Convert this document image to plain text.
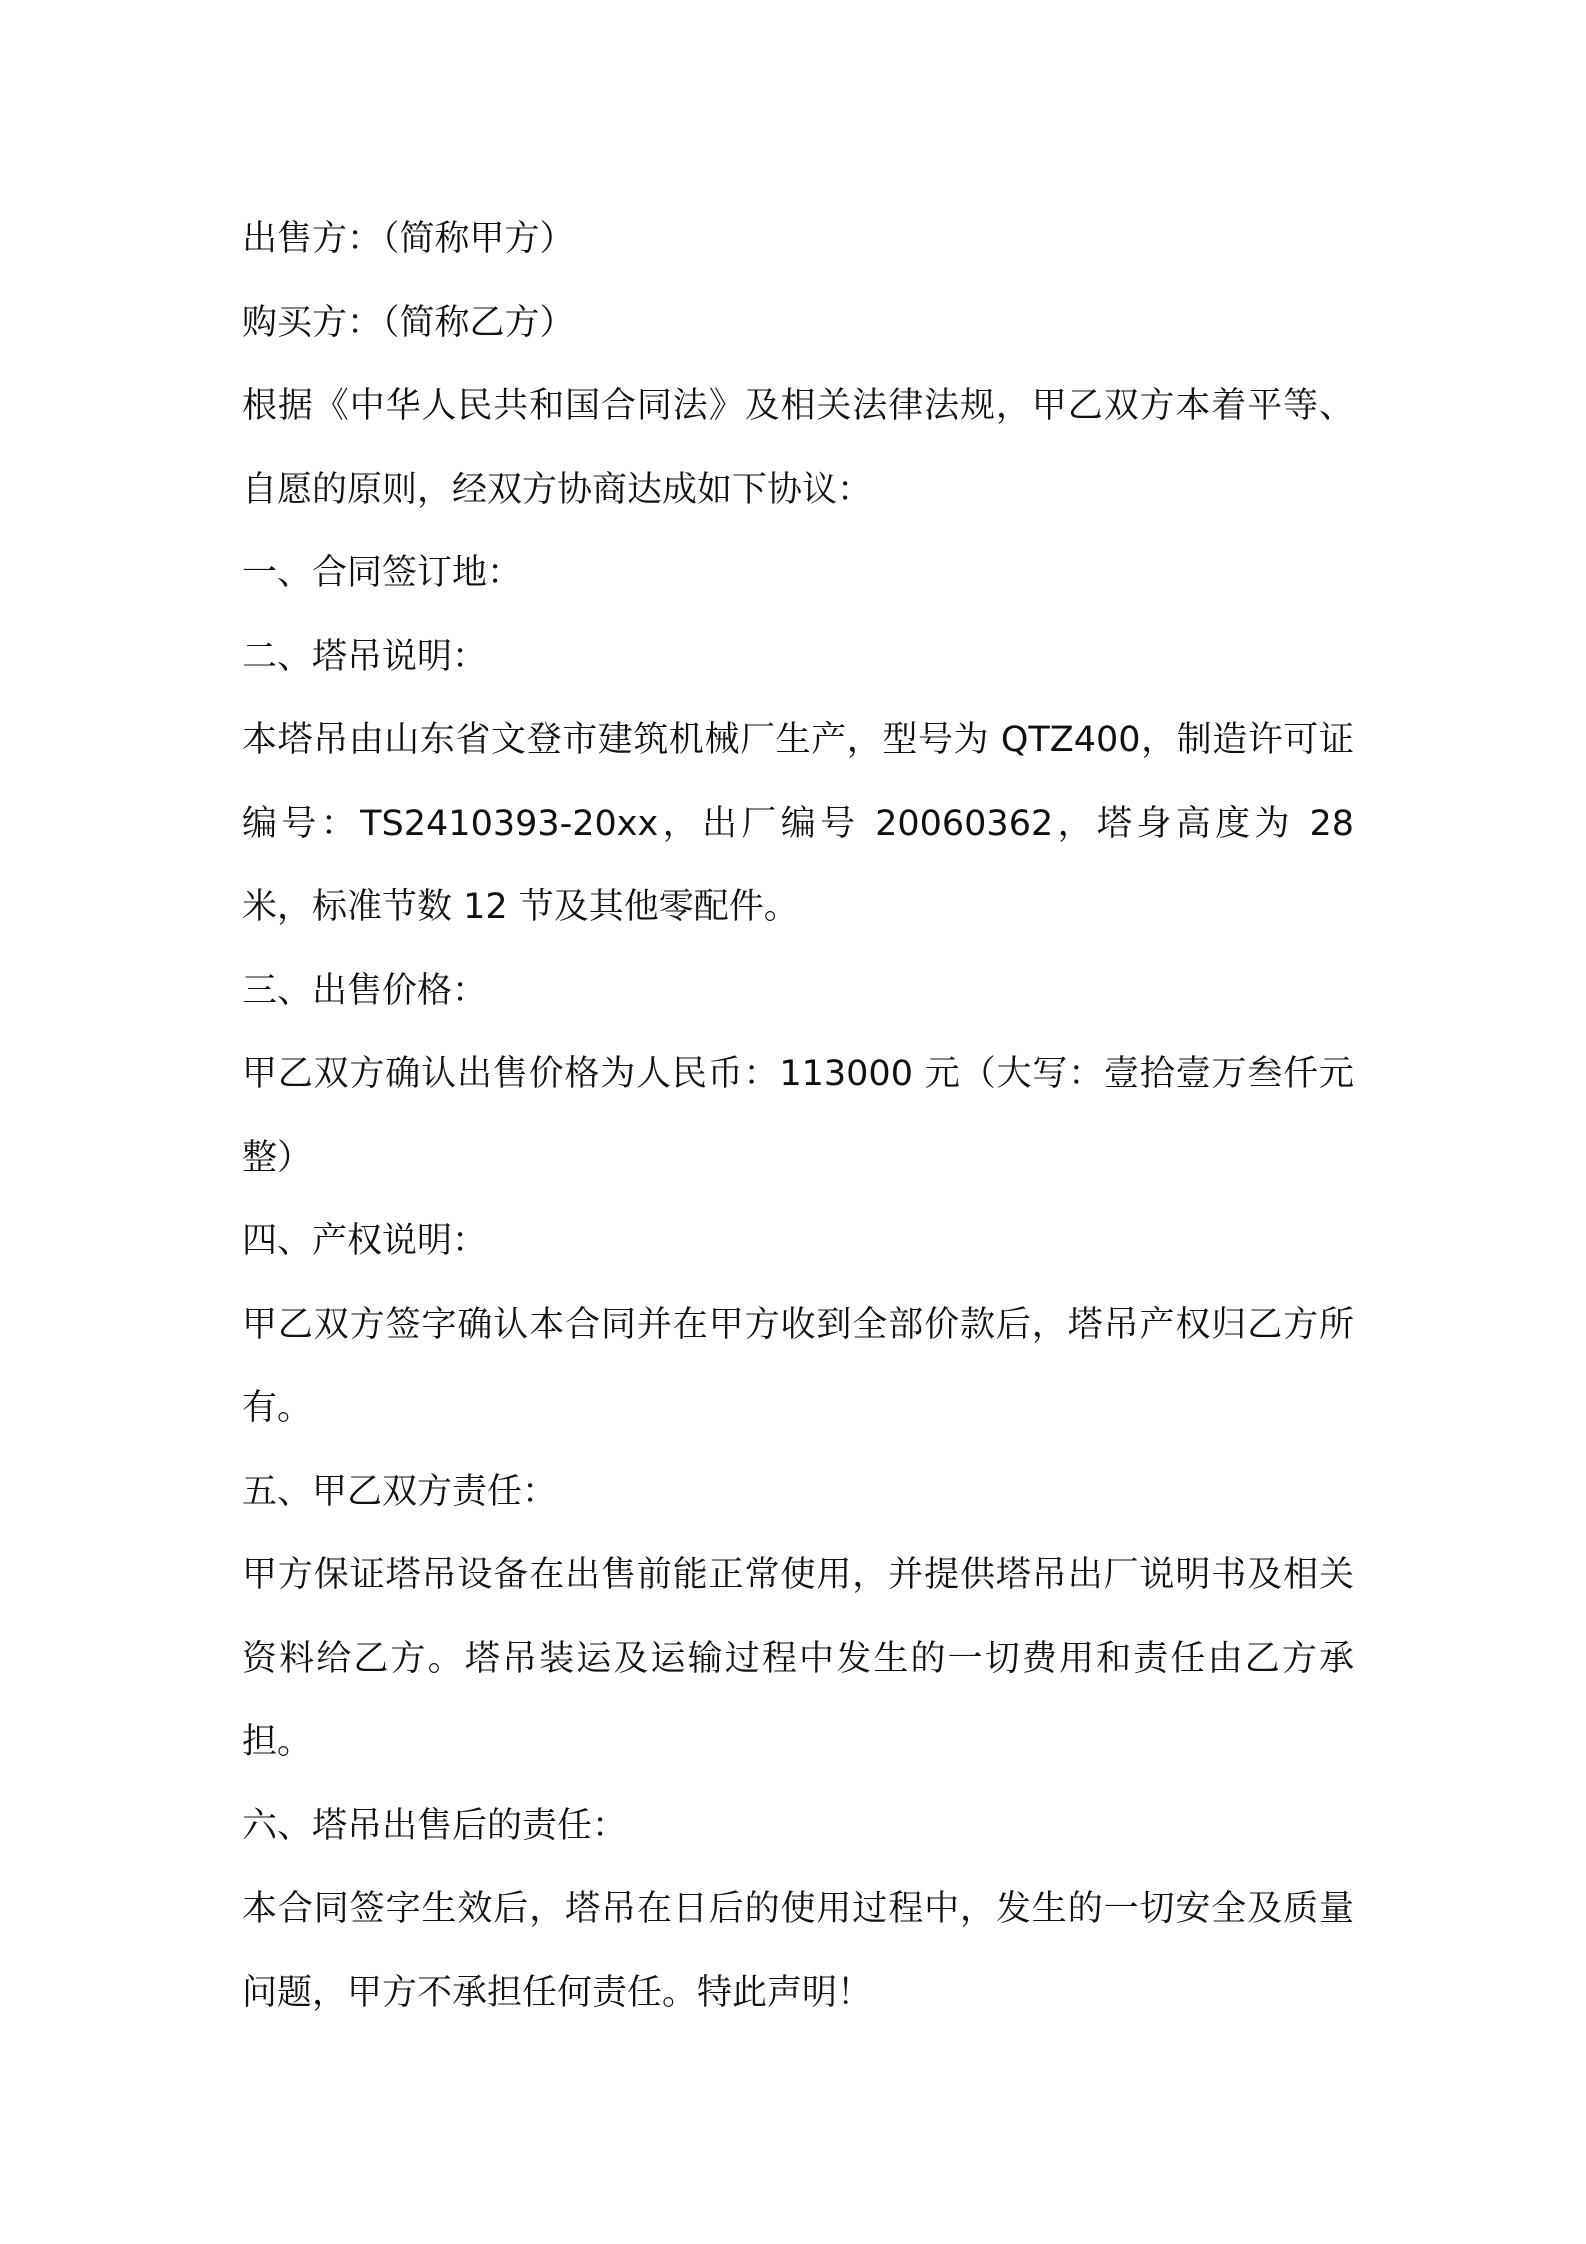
出售方：（简称甲方）
购买方：（简称乙方）
根据《中华人民共和国合同法》及相关法律法规，甲乙双方本着平等、自愿的原则，经双方协商达成如下协议：
一、合同签订地：
二、塔吊说明：
本塔吊由山东省文登市建筑机械厂生产，型号为 QTZ400，制造许可证编号：TS2410393-20xx，出厂编号 20060362，塔身高度为 28 米，标准节数 12 节及其他零配件。
三、出售价格：
甲乙双方确认出售价格为人民币：113000 元（大写：壹拾壹万叁仟元整）
四、产权说明：
甲乙双方签字确认本合同并在甲方收到全部价款后，塔吊产权归乙方所有。
五、甲乙双方责任：
甲方保证塔吊设备在出售前能正常使用，并提供塔吊出厂说明书及相关资料给乙方。塔吊装运及运输过程中发生的一切费用和责任由乙方承担。
六、塔吊出售后的责任：
本合同签字生效后，塔吊在日后的使用过程中，发生的一切安全及质量问题，甲方不承担任何责任。特此声明！
